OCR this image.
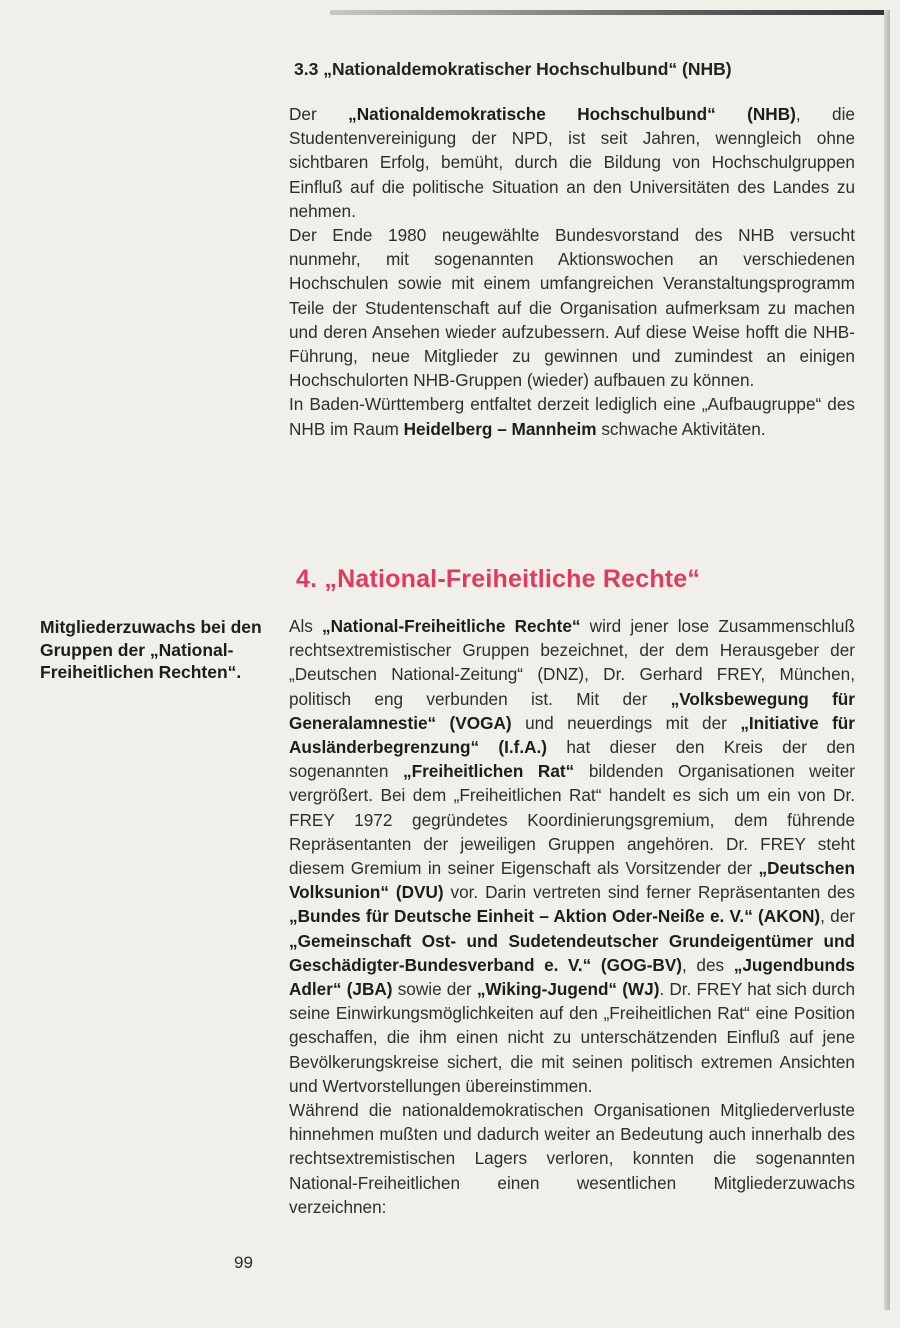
3.3 „Nationaldemokratischer Hochschulbund“ (NHB)

Der „Nationaldemokratische Hochschulbund“ (NHB), die Studentenvereinigung der NPD, ist seit Jahren, wenngleich ohne sichtbaren Erfolg, bemüht, durch die Bildung von Hochschulgruppen Einfluß auf die politische Situation an den Universitäten des Landes zu nehmen.

Der Ende 1980 neugewählte Bundesvorstand des NHB versucht nunmehr, mit sogenannten Aktionswochen an verschiedenen Hochschulen sowie mit einem umfangreichen Veranstaltungsprogramm Teile der Studentenschaft auf die Organisation aufmerksam zu machen und deren Ansehen wieder aufzubessern. Auf diese Weise hofft die NHB-Führung, neue Mitglieder zu gewinnen und zumindest an einigen Hochschulorten NHB-Gruppen (wieder) aufbauen zu können.

In Baden-Württemberg entfaltet derzeit lediglich eine „Aufbaugruppe“ des NHB im Raum Heidelberg – Mannheim schwache Aktivitäten.

4. „National-Freiheitliche Rechte“

Mitgliederzuwachs bei den Gruppen der „National-Freiheitlichen Rechten“.

Als „National-Freiheitliche Rechte“ wird jener lose Zusammenschluß rechtsextremistischer Gruppen bezeichnet, der dem Herausgeber der „Deutschen National-Zeitung“ (DNZ), Dr. Gerhard FREY, München, politisch eng verbunden ist. Mit der „Volksbewegung für Generalamnestie“ (VOGA) und neuerdings mit der „Initiative für Ausländerbegrenzung“ (I.f.A.) hat dieser den Kreis der den sogenannten „Freiheitlichen Rat“ bildenden Organisationen weiter vergrößert. Bei dem „Freiheitlichen Rat“ handelt es sich um ein von Dr. FREY 1972 gegründetes Koordinierungsgremium, dem führende Repräsentanten der jeweiligen Gruppen angehören. Dr. FREY steht diesem Gremium in seiner Eigenschaft als Vorsitzender der „Deutschen Volksunion“ (DVU) vor. Darin vertreten sind ferner Repräsentanten des „Bundes für Deutsche Einheit – Aktion Oder-Neiße e. V.“ (AKON), der „Gemeinschaft Ost- und Sudetendeutscher Grundeigentümer und Geschädigter-Bundesverband e. V.“ (GOG-BV), des „Jugendbunds Adler“ (JBA) sowie der „Wiking-Jugend“ (WJ). Dr. FREY hat sich durch seine Einwirkungsmöglichkeiten auf den „Freiheitlichen Rat“ eine Position geschaffen, die ihm einen nicht zu unterschätzenden Einfluß auf jene Bevölkerungskreise sichert, die mit seinen politisch extremen Ansichten und Wertvorstellungen übereinstimmen.

Während die nationaldemokratischen Organisationen Mitgliederverluste hinnehmen mußten und dadurch weiter an Bedeutung auch innerhalb des rechtsextremistischen Lagers verloren, konnten die sogenannten National-Freiheitlichen einen wesentlichen Mitgliederzuwachs verzeichnen:

99
